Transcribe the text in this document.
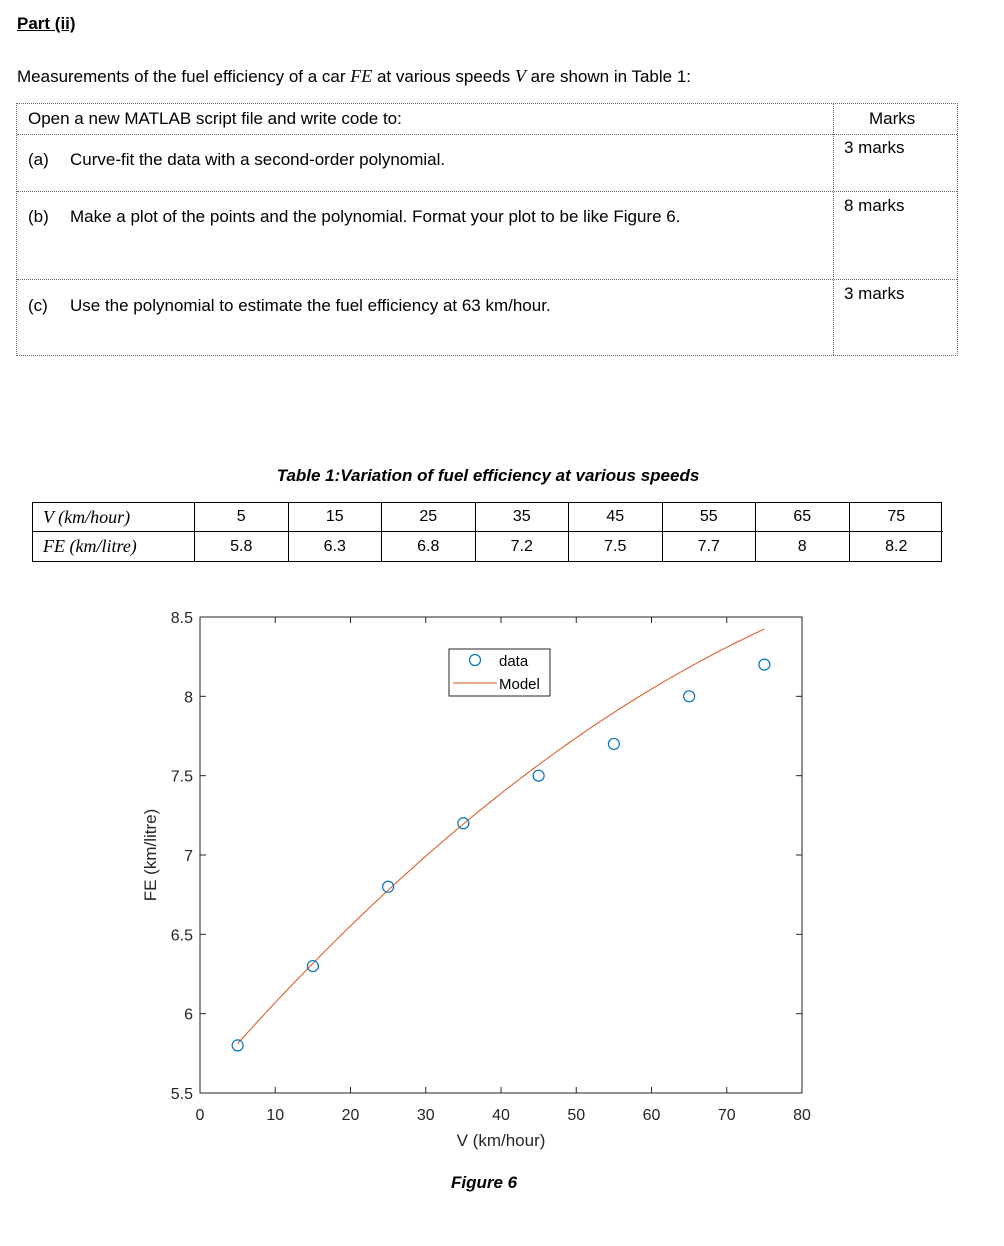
Part (ii)
Measurements of the fuel efficiency of a car FE at various speeds V are shown in Table 1:
Open a new MATLAB script file and write code to:	Marks
(a) Curve-fit the data with a second-order polynomial.
3 marks
(b) Make a plot of the points and the polynomial. Format your plot to be like Figure 6.
8 marks
(c) Use the polynomial to estimate the fuel efficiency at 63 km/hour.
3 marks
Table 1:Variation of fuel efficiency at various speeds
V (km/hour)	5	15	25	35	45	55	65	75
FE (km/litre)	5.8	6.3	6.8	7.2	7.5	7.7	8	8.2
0	10	20	30	40	50	60	70	80
5.5
6
6.5
7
7.5
8
8.5
V (km/hour)
FE (km/litre)
data
Model
Figure 6
